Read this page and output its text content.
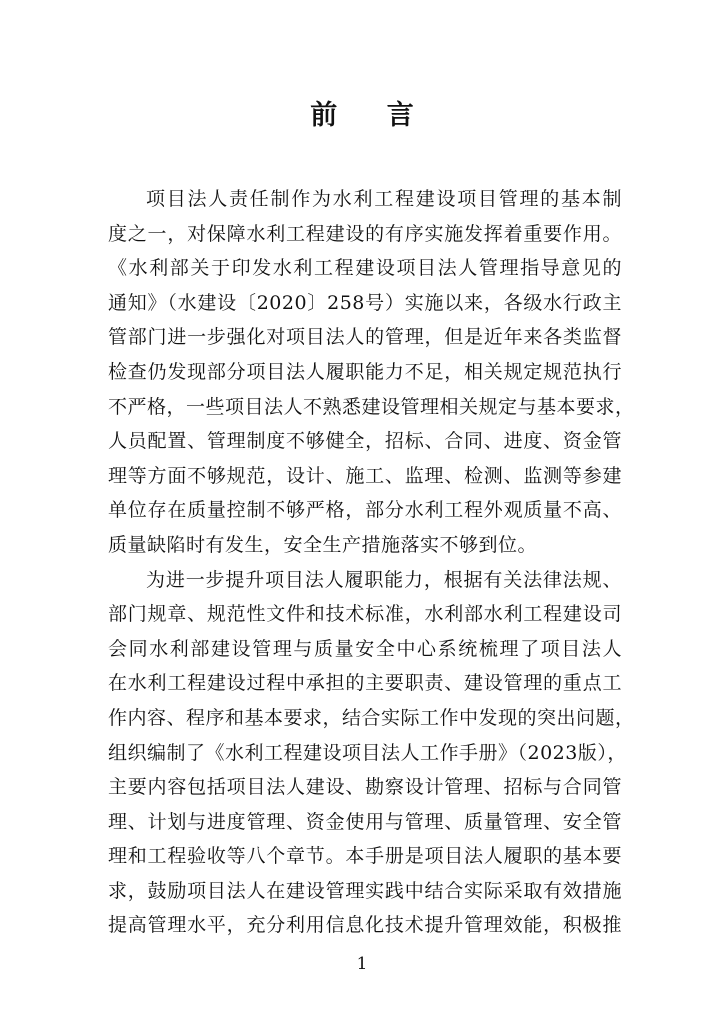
前 言
项目法人责任制作为水利工程建设项目管理的基本制
度之一，对保障水利工程建设的有序实施发挥着重要作用。
《水利部关于印发水利工程建设项目法人管理指导意见的
通知》（水建设〔2020〕258号）实施以来，各级水行政主
管部门进一步强化对项目法人的管理，但是近年来各类监督
检查仍发现部分项目法人履职能力不足，相关规定规范执行
不严格，一些项目法人不熟悉建设管理相关规定与基本要求，
人员配置、管理制度不够健全，招标、合同、进度、资金管
理等方面不够规范，设计、施工、监理、检测、监测等参建
单位存在质量控制不够严格，部分水利工程外观质量不高、
质量缺陷时有发生，安全生产措施落实不够到位。
为进一步提升项目法人履职能力，根据有关法律法规、
部门规章、规范性文件和技术标准，水利部水利工程建设司
会同水利部建设管理与质量安全中心系统梳理了项目法人
在水利工程建设过程中承担的主要职责、建设管理的重点工
作内容、程序和基本要求，结合实际工作中发现的突出问题，
组织编制了《水利工程建设项目法人工作手册》（2023版），
主要内容包括项目法人建设、勘察设计管理、招标与合同管
理、计划与进度管理、资金使用与管理、质量管理、安全管
理和工程验收等八个章节。本手册是项目法人履职的基本要
求，鼓励项目法人在建设管理实践中结合实际采取有效措施
提高管理水平，充分利用信息化技术提升管理效能，积极推
1
